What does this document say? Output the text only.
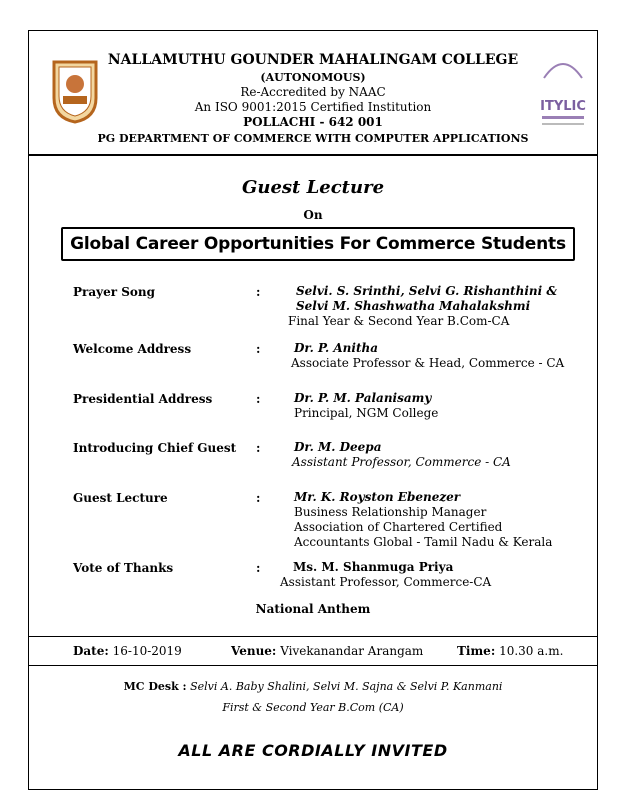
ITYLIC
NALLAMUTHU GOUNDER MAHALINGAM COLLEGE
(AUTONOMOUS)
Re-Accredited by NAAC
An ISO 9001:2015 Certified Institution
POLLACHI - 642 001
PG DEPARTMENT OF COMMERCE WITH COMPUTER APPLICATIONS
Guest Lecture
On
Global Career Opportunities For Commerce Students
Prayer Song	:	Selvi. S. Srinthi, Selvi G. Rishanthini &
Selvi M. Shashwatha Mahalakshmi
Final Year & Second Year B.Com-CA
Welcome Address	:	Dr. P. Anitha
Associate Professor & Head, Commerce - CA
Presidential Address	:	Dr. P. M. Palanisamy
Principal, NGM College
Introducing Chief Guest :	Dr. M. Deepa
Assistant Professor, Commerce - CA
Guest Lecture	:	Mr. K. Royston Ebenezer
Business Relationship Manager
Association of Chartered Certified
Accountants Global - Tamil Nadu & Kerala
Vote of Thanks	:	Ms. M. Shanmuga Priya
Assistant Professor, Commerce-CA
National Anthem
Date: 16-10-2019	Venue: Vivekanandar Arangam	Time: 10.30 a.m.
MC Desk : Selvi A. Baby Shalini, Selvi M. Sajna & Selvi P. Kanmani
First & Second Year B.Com (CA)
ALL ARE CORDIALLY INVITED
